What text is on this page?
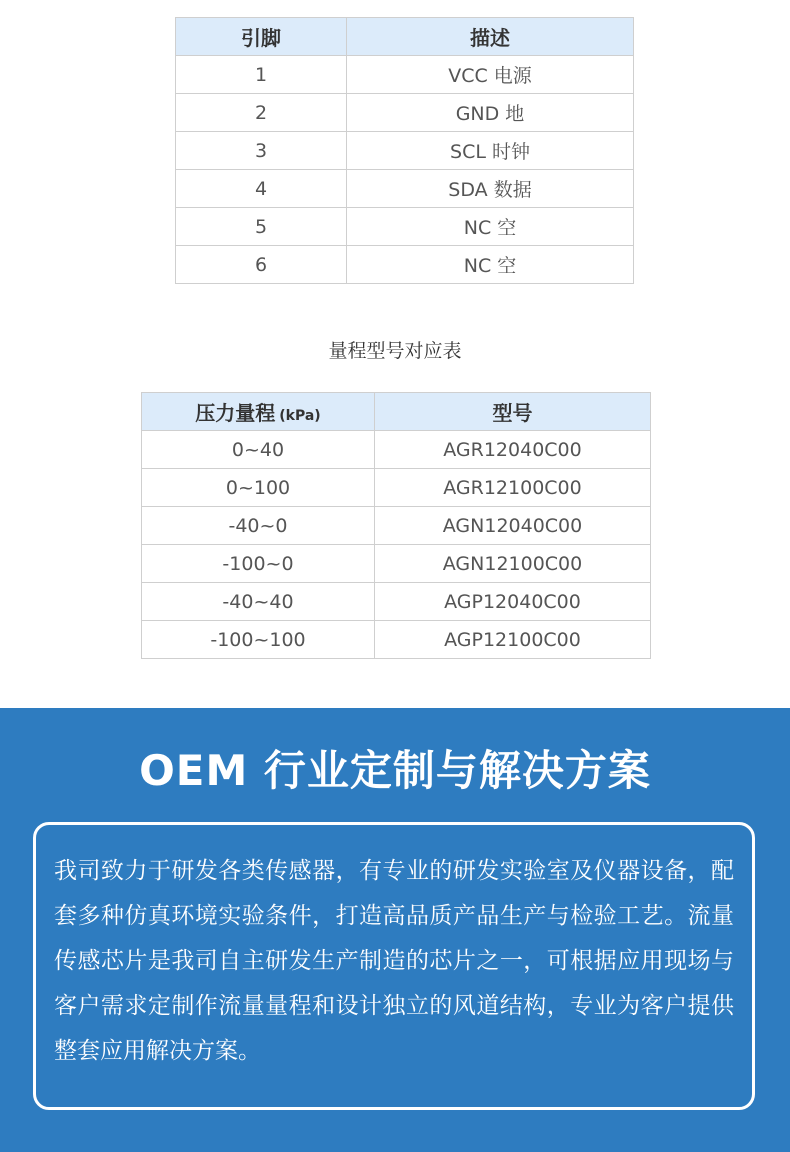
引脚	描述
1	VCC 电源
2	GND 地
3	SCL 时钟
4	SDA 数据
5	NC 空
6	NC 空
量程型号对应表
压力量程 (kPa)	型号
0~40	AGR12040C00
0~100	AGR12100C00
-40~0	AGN12040C00
-100~0	AGN12100C00
-40~40	AGP12040C00
-100~100	AGP12100C00
OEM 行业定制与解决方案

我司致力于研发各类传感器，有专业的研发实验室及仪器设备，配套多种仿真环境实验条件，打造高品质产品生产与检验工艺。流量传感芯片是我司自主研发生产制造的芯片之一，可根据应用现场与客户需求定制作流量量程和设计独立的风道结构，专业为客户提供整套应用解决方案。
